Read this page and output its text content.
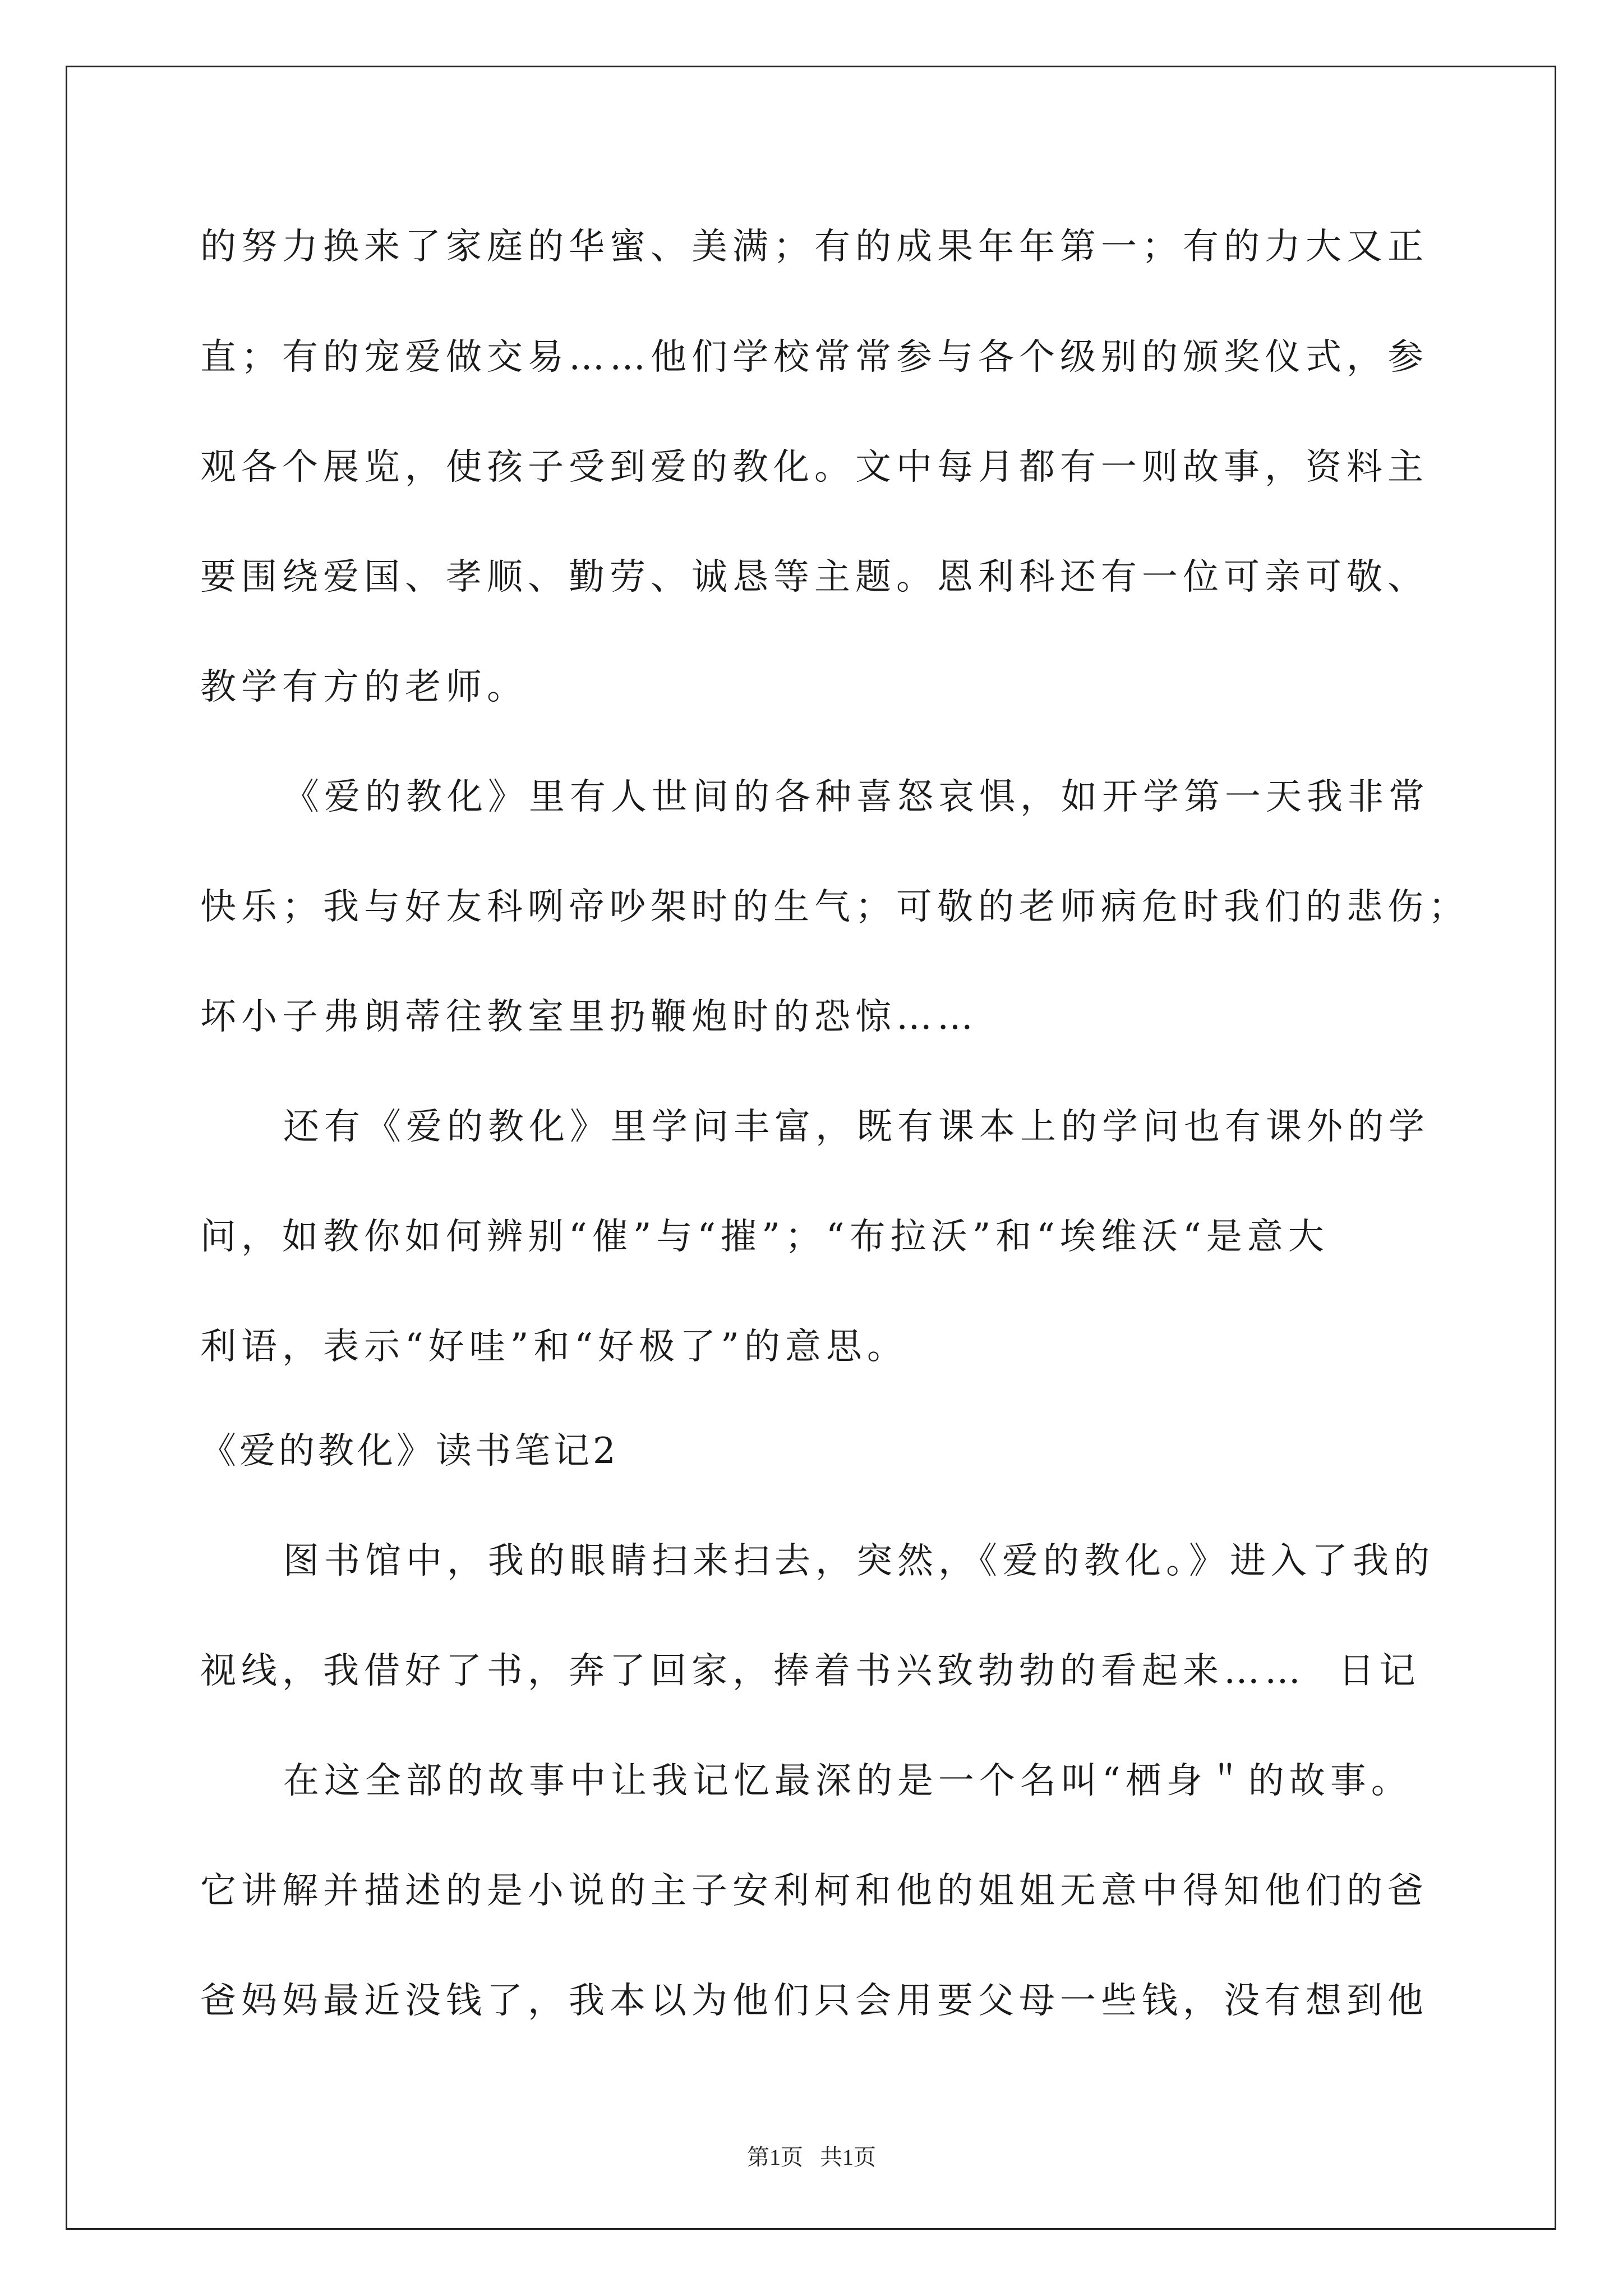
的努力换来了家庭的华蜜、美满；有的成果年年第一；有的力大又正
直；有的宠爱做交易……他们学校常常参与各个级别的颁奖仪式，参
观各个展览，使孩子受到爱的教化。文中每月都有一则故事，资料主
要围绕爱国、孝顺、勤劳、诚恳等主题。恩利科还有一位可亲可敬、
教学有方的老师。
《爱的教化》里有人世间的各种喜怒哀惧，如开学第一天我非常
快乐；我与好友科咧帝吵架时的生气；可敬的老师病危时我们的悲伤；
坏小子弗朗蒂往教室里扔鞭炮时的恐惊……
还有《爱的教化》里学问丰富，既有课本上的学问也有课外的学
问，如教你如何辨别“催”与“摧”；“布拉沃”和“埃维沃“是意大
利语，表示“好哇”和“好极了”的意思。
《爱的教化》读书笔记2
图书馆中，我的眼睛扫来扫去，突然，《爱的教化。》进入了我的
视线，我借好了书，奔了回家，捧着书兴致勃勃的看起来……  日记
在这全部的故事中让我记忆最深的是一个名叫“栖身＂的故事。
它讲解并描述的是小说的主子安利柯和他的姐姐无意中得知他们的爸
爸妈妈最近没钱了，我本以为他们只会用要父母一些钱，没有想到他
第1页   共1页
